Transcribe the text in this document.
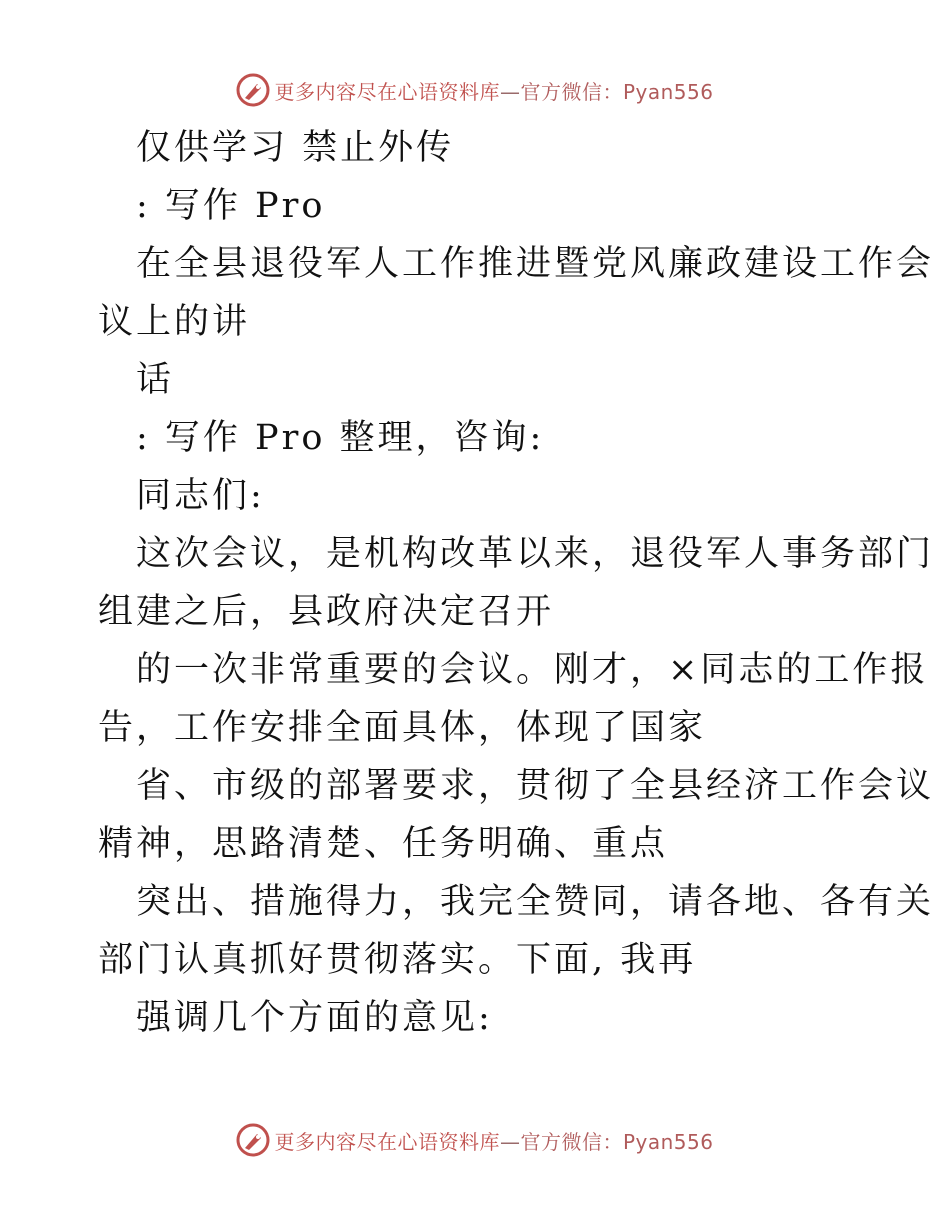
更多内容尽在心语资料库—官方微信：Pyan556
仅供学习 禁止外传
: 写作 Pro
在全县退役军人工作推进暨党风廉政建设工作会
议上的讲
话
: 写作 Pro 整理，咨询:
同志们:
这次会议，是机构改革以来，退役军人事务部门
组建之后，县政府决定召开
的一次非常重要的会议。刚才，×同志的工作报
告，工作安排全面具体，体现了国家
省、市级的部署要求，贯彻了全县经济工作会议
精神，思路清楚、任务明确、重点
突出、措施得力，我完全赞同，请各地、各有关
部门认真抓好贯彻落实。下面, 我再
强调几个方面的意见:
更多内容尽在心语资料库—官方微信：Pyan556
